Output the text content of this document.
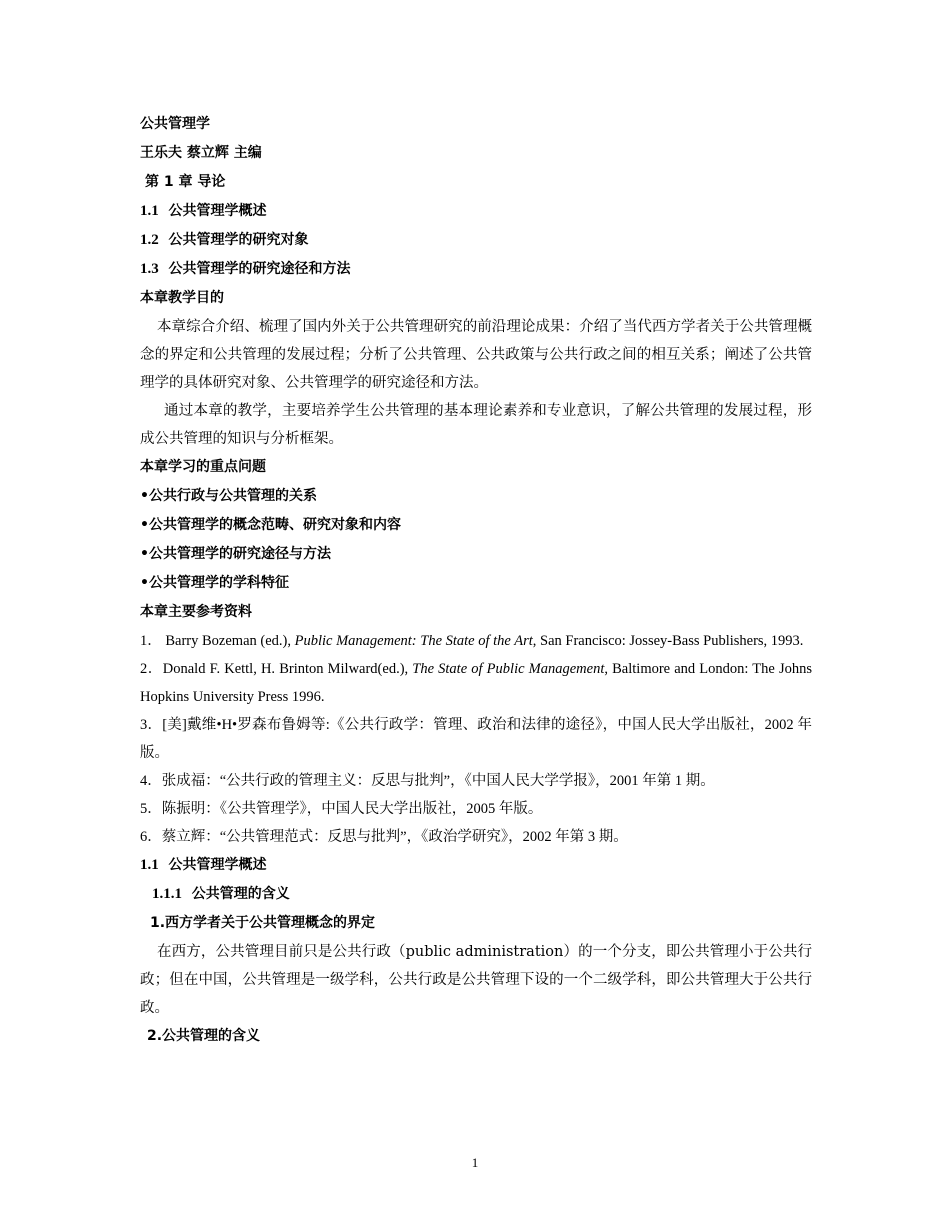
公共管理学
王乐夫 蔡立辉 主编
第 1 章 导论
1.1 公共管理学概述
1.2 公共管理学的研究对象
1.3 公共管理学的研究途径和方法
本章教学目的
本章综合介绍、梳理了国内外关于公共管理研究的前沿理论成果：介绍了当代西方学者关于公共管理概念的界定和公共管理的发展过程；分析了公共管理、公共政策与公共行政之间的相互关系；阐述了公共管理学的具体研究对象、公共管理学的研究途径和方法。
通过本章的教学，主要培养学生公共管理的基本理论素养和专业意识，了解公共管理的发展过程，形成公共管理的知识与分析框架。
本章学习的重点问题
•公共行政与公共管理的关系
•公共管理学的概念范畴、研究对象和内容
•公共管理学的研究途径与方法
•公共管理学的学科特征
本章主要参考资料
1． Barry Bozeman (ed.), Public Management: The State of the Art, San Francisco: Jossey-Bass Publishers, 1993.
2．Donald F. Kettl, H. Brinton Milward(ed.), The State of Public Management, Baltimore and London: The Johns Hopkins University Press 1996.
3．[美]戴维•H•罗森布鲁姆等:《公共行政学：管理、政治和法律的途径》，中国人民大学出版社，2002 年版。
4．张成福：“公共行政的管理主义：反思与批判”，《中国人民大学学报》，2001 年第 1 期。
5．陈振明：《公共管理学》，中国人民大学出版社，2005 年版。
6．蔡立辉：“公共管理范式：反思与批判”，《政治学研究》，2002 年第 3 期。
1.1 公共管理学概述
1.1.1 公共管理的含义
1.西方学者关于公共管理概念的界定
在西方，公共管理目前只是公共行政（public administration）的一个分支，即公共管理小于公共行政；但在中国，公共管理是一级学科，公共行政是公共管理下设的一个二级学科，即公共管理大于公共行政。
2.公共管理的含义
1
